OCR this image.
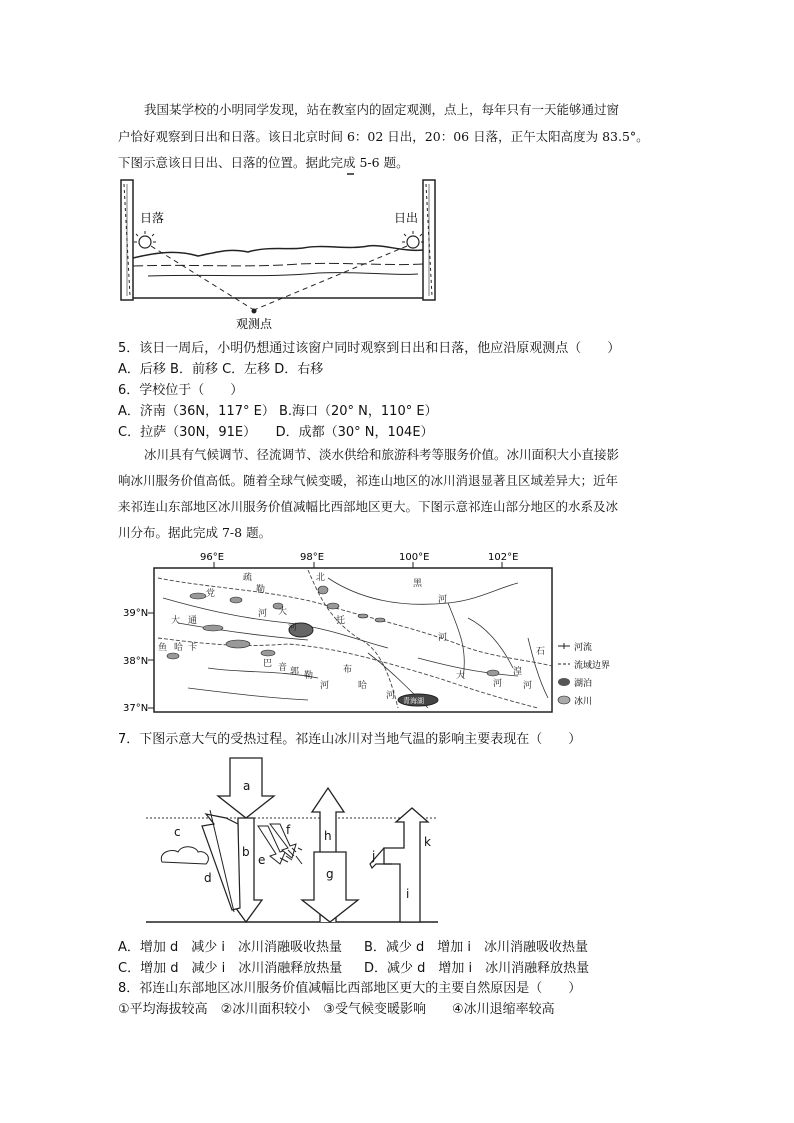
我国某学校的小明同学发现，站在教室内的固定观测，点上，每年只有一天能够通过窗
户恰好观察到日出和日落。该日北京时间 6：02 日出，20：06 日落，正午太阳高度为 83.5°。
下图示意该日日出、日落的位置。据此完成 5-6 题。
日落	日出
观测点
5．该日一周后，小明仍想通过该窗户同时观察到日出和日落，他应沿原观测点（　　）
A．后移 B．前移 C．左移 D．右移
6．学校位于（　　）
A．济南（36N，117° E） B.海口（20° N，110° E）
C．拉萨（30N，91E）　　D．成都（30° N，104E）
冰川具有气候调节、径流调节、淡水供给和旅游科考等服务价值。冰川面积大小直接影
响冰川服务价值高低。随着全球气候变暖，祁连山地区的冰川消退显著且区域差异大；近年
来祁连山东部地区冰川服务价值减幅比西部地区更大。下图示意祁连山部分地区的水系及冰
川分布。据此完成 7-8 题。
96°E	98°E	100°E	102°E
39°N
38°N
37°N
青海湖
疏
党	勒
北
大
河 大
通	托
鱼 哈 卡
河
巴 音 郭 勒
河
黑
河
河
布
哈
河
大
河
湟
河
石	河流
流域边界
湖泊
冰川
7．下图示意大气的受热过程。祁连山冰川对当地气温的影响主要表现在（　　）
a
b
c
d
e
f
g
h
i
j
k
A．增加 d　减少 i　冰川消融吸收热量 B．减少 d　增加 i　冰川消融吸收热量
C．增加 d　减少 i　冰川消融释放热量 D．减少 d　增加 i　冰川消融释放热量
8．祁连山东部地区冰川服务价值减幅比西部地区更大的主要自然原因是（　　）
①平均海拔较高　②冰川面积较小　③受气候变暖影响　　④冰川退缩率较高
